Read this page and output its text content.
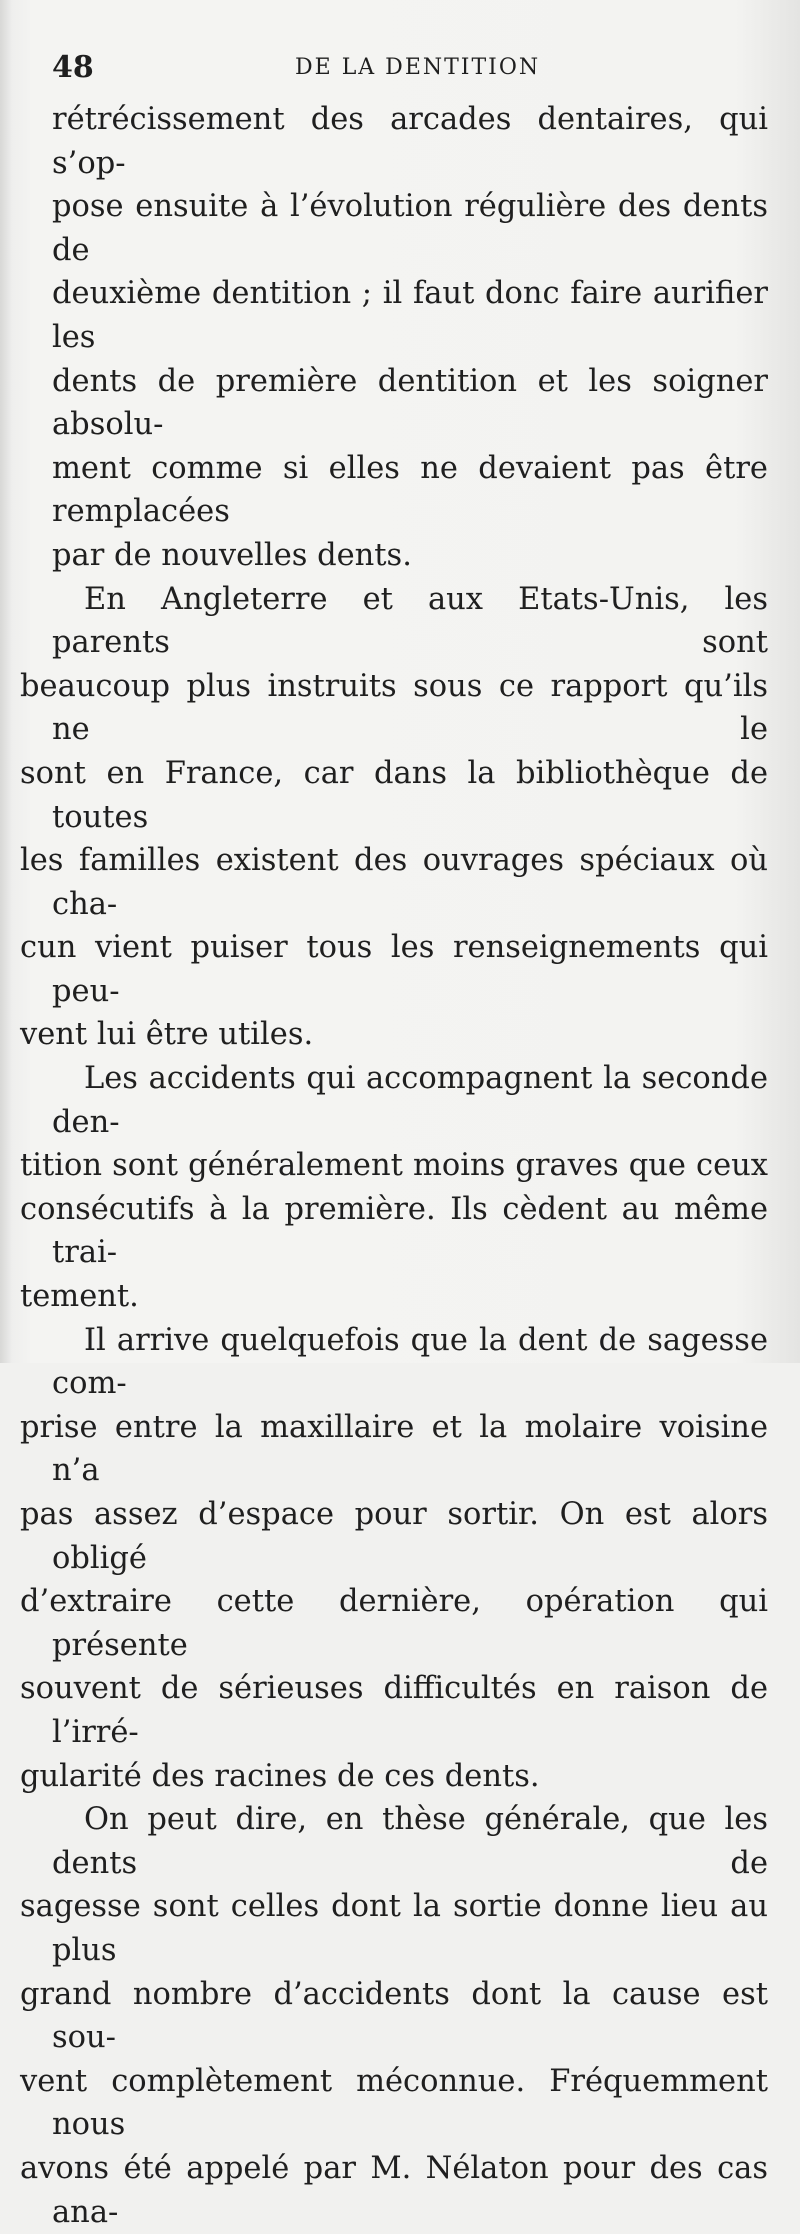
48	DE LA DENTITION

rétrécissement des arcades dentaires, qui s’op-
pose ensuite à l’évolution régulière des dents de
deuxième dentition ; il faut donc faire aurifier les
dents de première dentition et les soigner absolu-
ment comme si elles ne devaient pas être remplacées
par de nouvelles dents.

En Angleterre et aux Etats-Unis, les parents sont
beaucoup plus instruits sous ce rapport qu’ils ne le
sont en France, car dans la bibliothèque de toutes
les familles existent des ouvrages spéciaux où cha-
cun vient puiser tous les renseignements qui peu-
vent lui être utiles.

Les accidents qui accompagnent la seconde den-
tition sont généralement moins graves que ceux
consécutifs à la première. Ils cèdent au même trai-
tement.

Il arrive quelquefois que la dent de sagesse com-
prise entre la maxillaire et la molaire voisine n’a
pas assez d’espace pour sortir. On est alors obligé
d’extraire cette dernière, opération qui présente
souvent de sérieuses difficultés en raison de l’irré-
gularité des racines de ces dents.

On peut dire, en thèse générale, que les dents de
sagesse sont celles dont la sortie donne lieu au plus
grand nombre d’accidents dont la cause est sou-
vent complètement méconnue. Fréquemment nous
avons été appelé par M. Nélaton pour des cas ana-
